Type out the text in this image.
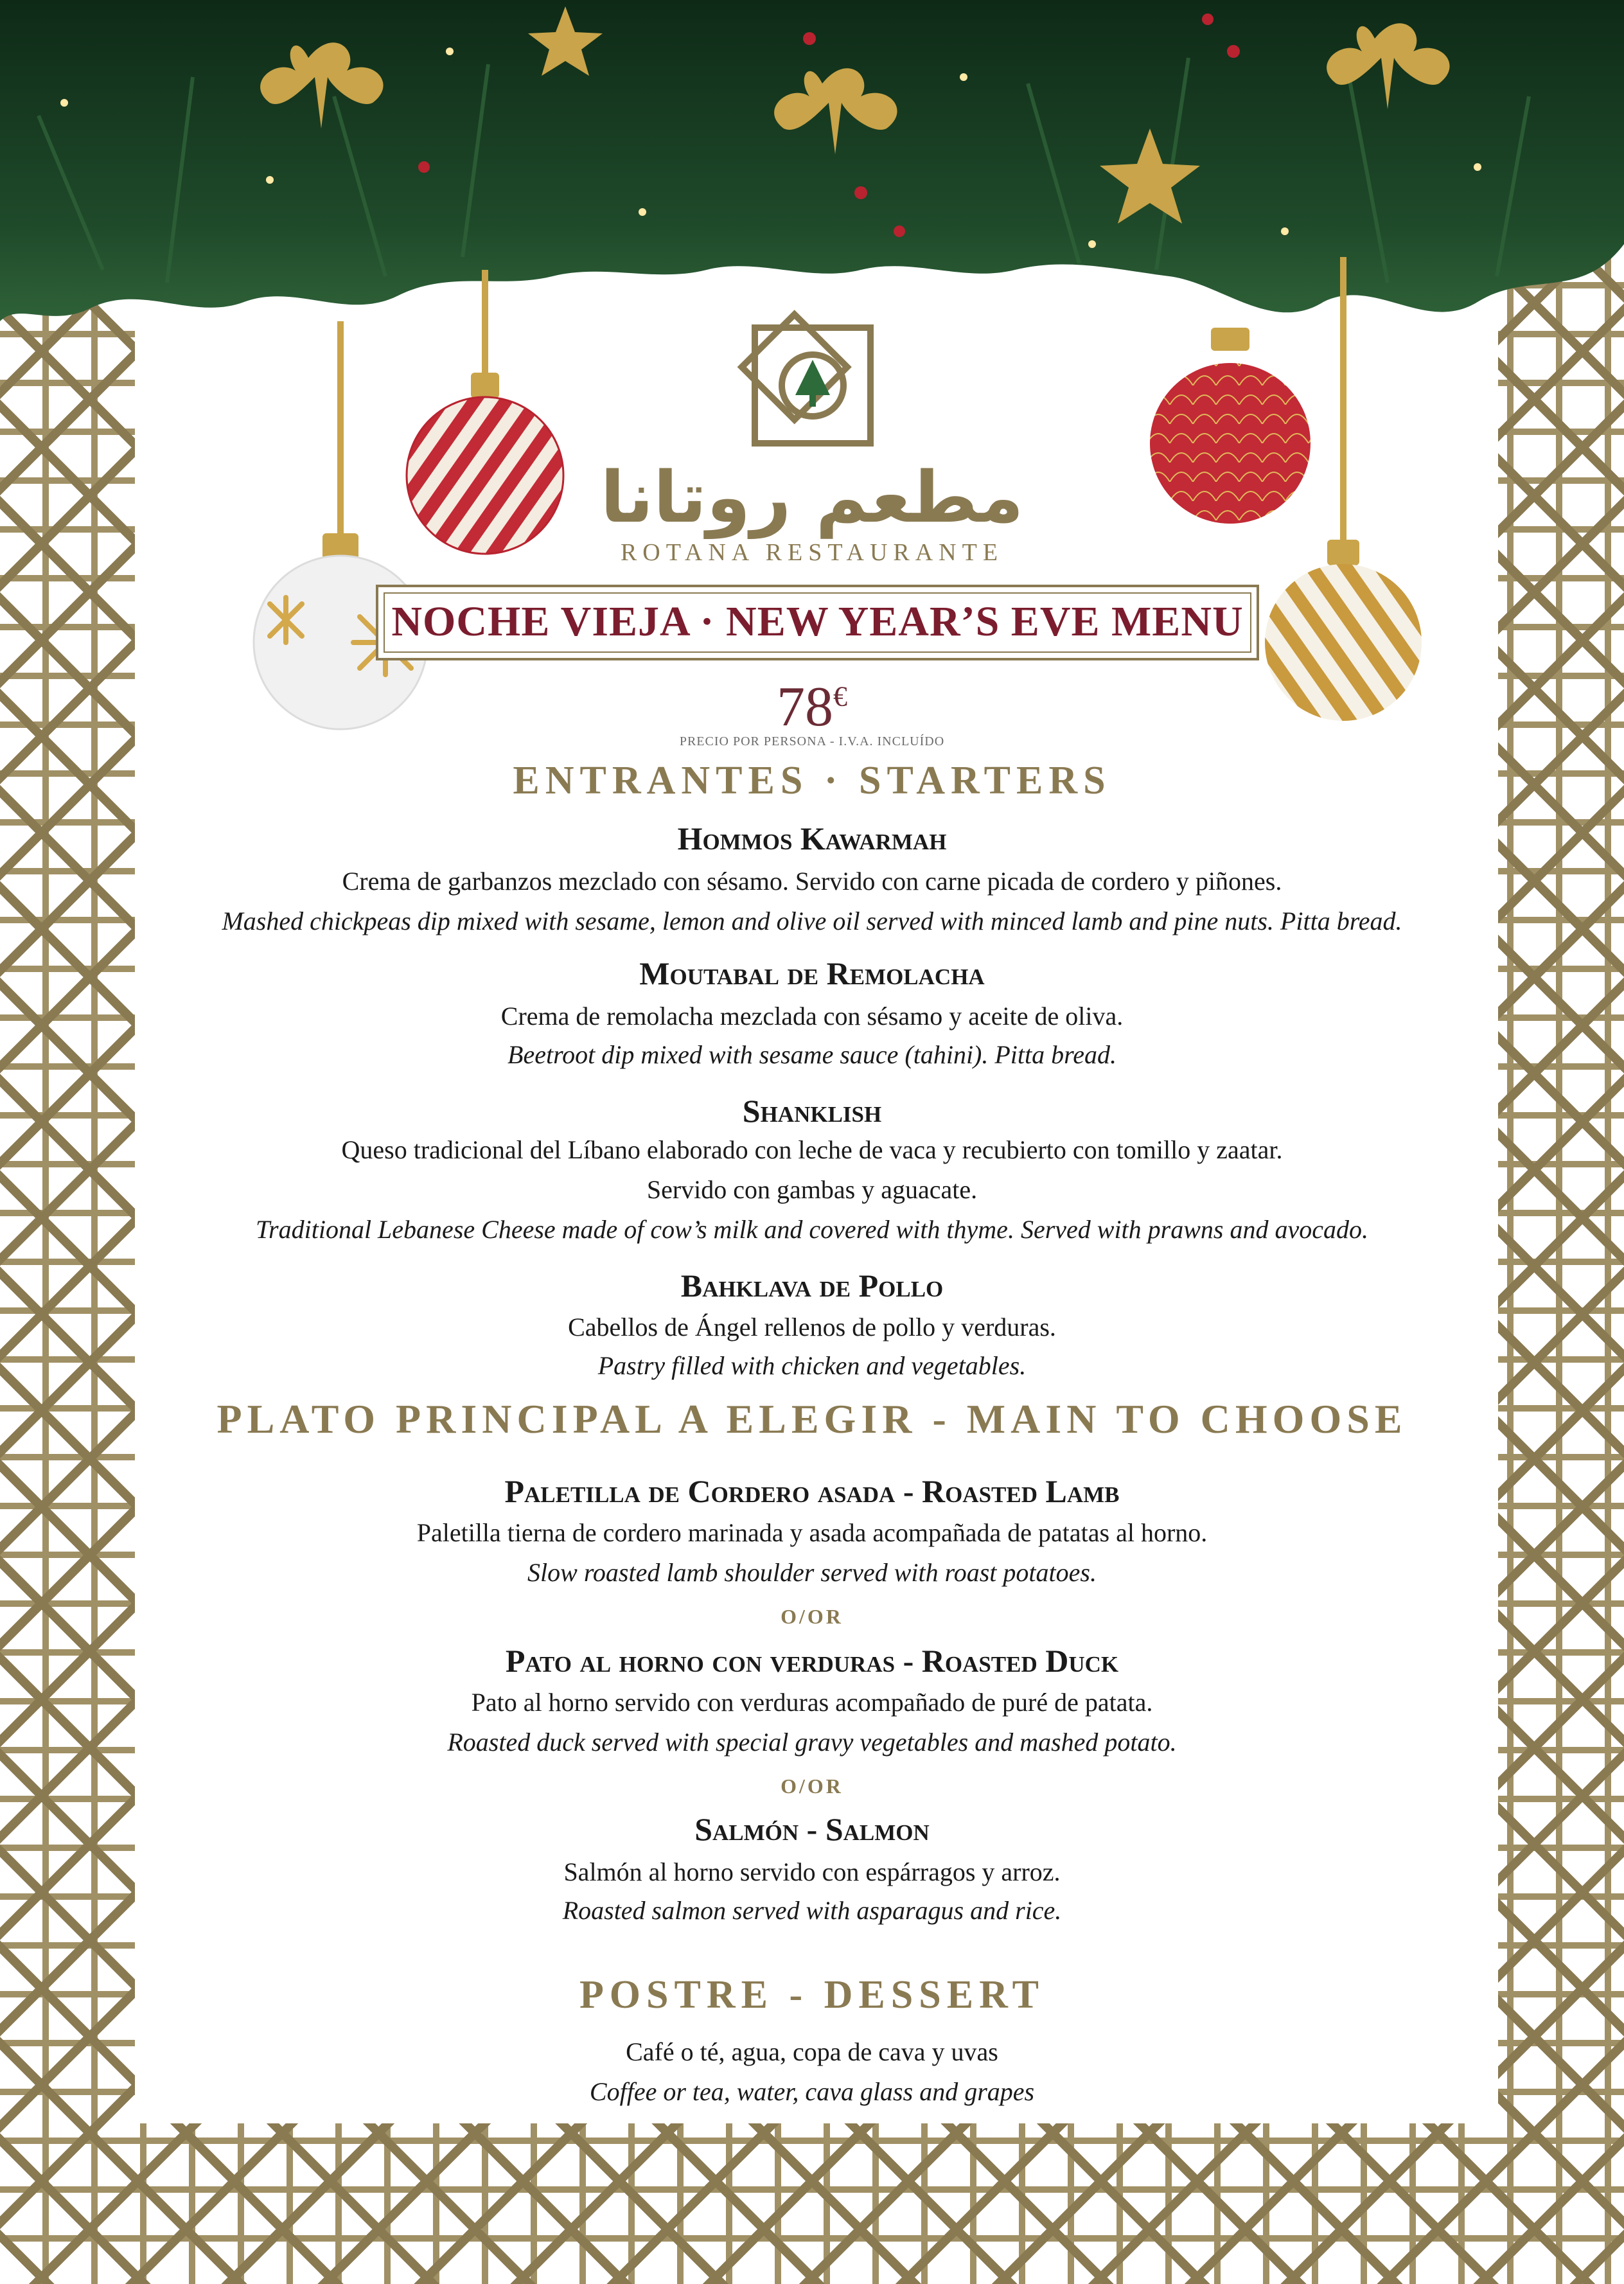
مطعم روتانا
ROTANA RESTAURANTE
NOCHE VIEJA · NEW YEAR’S EVE MENU
78€
PRECIO POR PERSONA - I.V.A. INCLUÍDO
ENTRANTES · STARTERS
Hommos Kawarmah
Crema de garbanzos mezclado con sésamo. Servido con carne picada de cordero y piñones.
Mashed chickpeas dip mixed with sesame, lemon and olive oil served with minced lamb and pine nuts. Pitta bread.
Moutabal de Remolacha
Crema de remolacha mezclada con sésamo y aceite de oliva.
Beetroot dip mixed with sesame sauce (tahini). Pitta bread.
Shanklish
Queso tradicional del Líbano elaborado con leche de vaca y recubierto con tomillo y zaatar.
Servido con gambas y aguacate.
Traditional Lebanese Cheese made of cow’s milk and covered with thyme. Served with prawns and avocado.
Bahklava de Pollo
Cabellos de Ángel rellenos de pollo y verduras.
Pastry filled with chicken and vegetables.
PLATO PRINCIPAL A ELEGIR - MAIN TO CHOOSE
Paletilla de Cordero asada - Roasted Lamb
Paletilla tierna de cordero marinada y asada acompañada de patatas al horno.
Slow roasted lamb shoulder served with roast potatoes.
O/OR
Pato al horno con verduras - Roasted Duck
Pato al horno servido con verduras acompañado de puré de patata.
Roasted duck served with special gravy vegetables and mashed potato.
O/OR
Salmón - Salmon
Salmón al horno servido con espárragos y arroz.
Roasted salmon served with asparagus and rice.
POSTRE - DESSERT
Café o té, agua, copa de cava y uvas
Coffee or tea, water, cava glass and grapes
